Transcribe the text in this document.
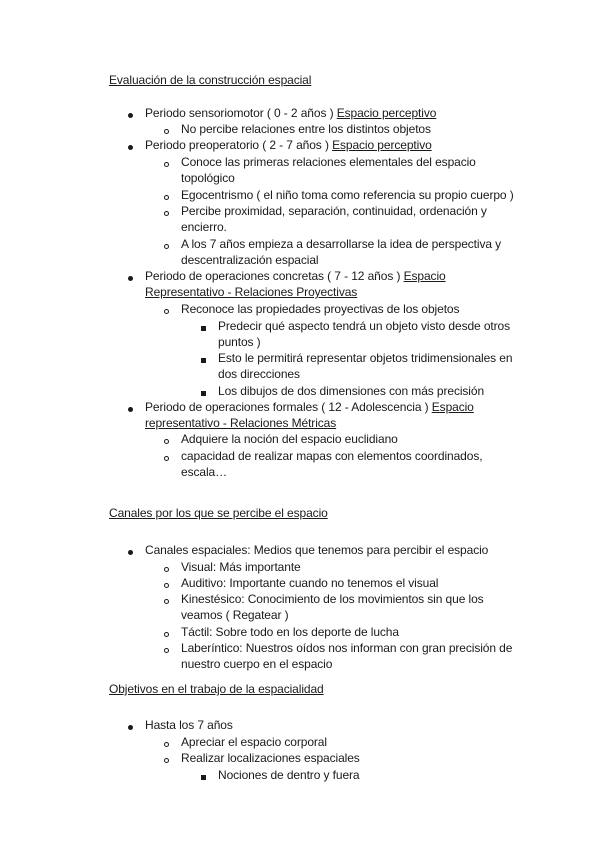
Evaluación de la construcción espacial
Periodo sensoriomotor ( 0 - 2 años ) Espacio perceptivo
No percibe relaciones entre los distintos objetos
Periodo preoperatorio ( 2 - 7 años ) Espacio perceptivo
Conoce las primeras relaciones elementales del espacio
topológico
Egocentrismo ( el niño toma como referencia su propio cuerpo )
Percibe proximidad, separación, continuidad, ordenación y
encierro.
A los 7 años empieza a desarrollarse la idea de perspectiva y
descentralización espacial
Periodo de operaciones concretas ( 7 - 12 años ) Espacio
Representativo - Relaciones Proyectivas
Reconoce las propiedades proyectivas de los objetos
Predecir qué aspecto tendrá un objeto visto desde otros
puntos )
Esto le permitirá representar objetos tridimensionales en
dos direcciones
Los dibujos de dos dimensiones con más precisión
Periodo de operaciones formales ( 12 - Adolescencia ) Espacio
representativo - Relaciones Métricas
Adquiere la noción del espacio euclidiano
capacidad de realizar mapas con elementos coordinados,
escala…
Canales por los que se percibe el espacio
Canales espaciales: Medios que tenemos para percibir el espacio
Visual: Más importante
Auditivo: Importante cuando no tenemos el visual
Kinestésico: Conocimiento de los movimientos sin que los
veamos ( Regatear )
Táctil: Sobre todo en los deporte de lucha
Laberíntico: Nuestros oídos nos informan con gran precisión de
nuestro cuerpo en el espacio
Objetivos en el trabajo de la espacialidad
Hasta los 7 años
Apreciar el espacio corporal
Realizar localizaciones espaciales
Nociones de dentro y fuera
